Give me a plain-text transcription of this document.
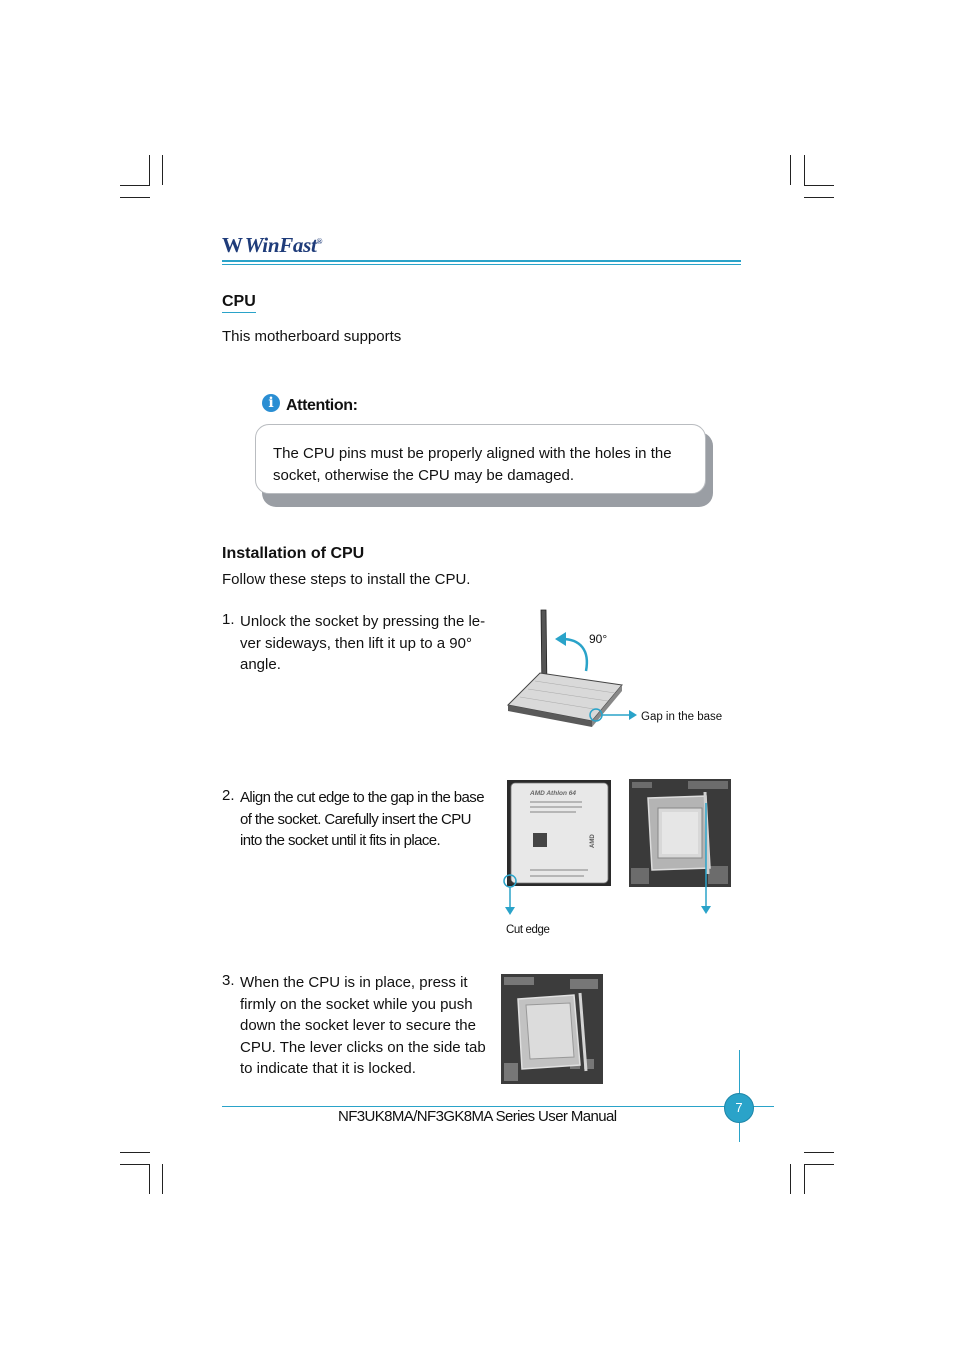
WWinFast®
CPU
This motherboard supports
i Attention:
The CPU pins must be properly aligned with the holes in the
socket, otherwise the CPU may be damaged.
Installation of CPU
Follow these steps to install the CPU.
1. Unlock the socket by pressing the le-
ver sideways, then lift it up to a 90°
angle.
90°
Gap in the base
2. Align the cut edge to the gap in the base
of the socket. Carefully insert the CPU
into the socket until it fits in place.
AMD Athlon 64
AMD
Cut edge
3. When the CPU is in place, press it
firmly on the socket while you push
down the socket lever to secure the
CPU. The lever clicks on the side tab
to indicate that it is locked.
7
NF3UK8MA/NF3GK8MA Series User Manual
